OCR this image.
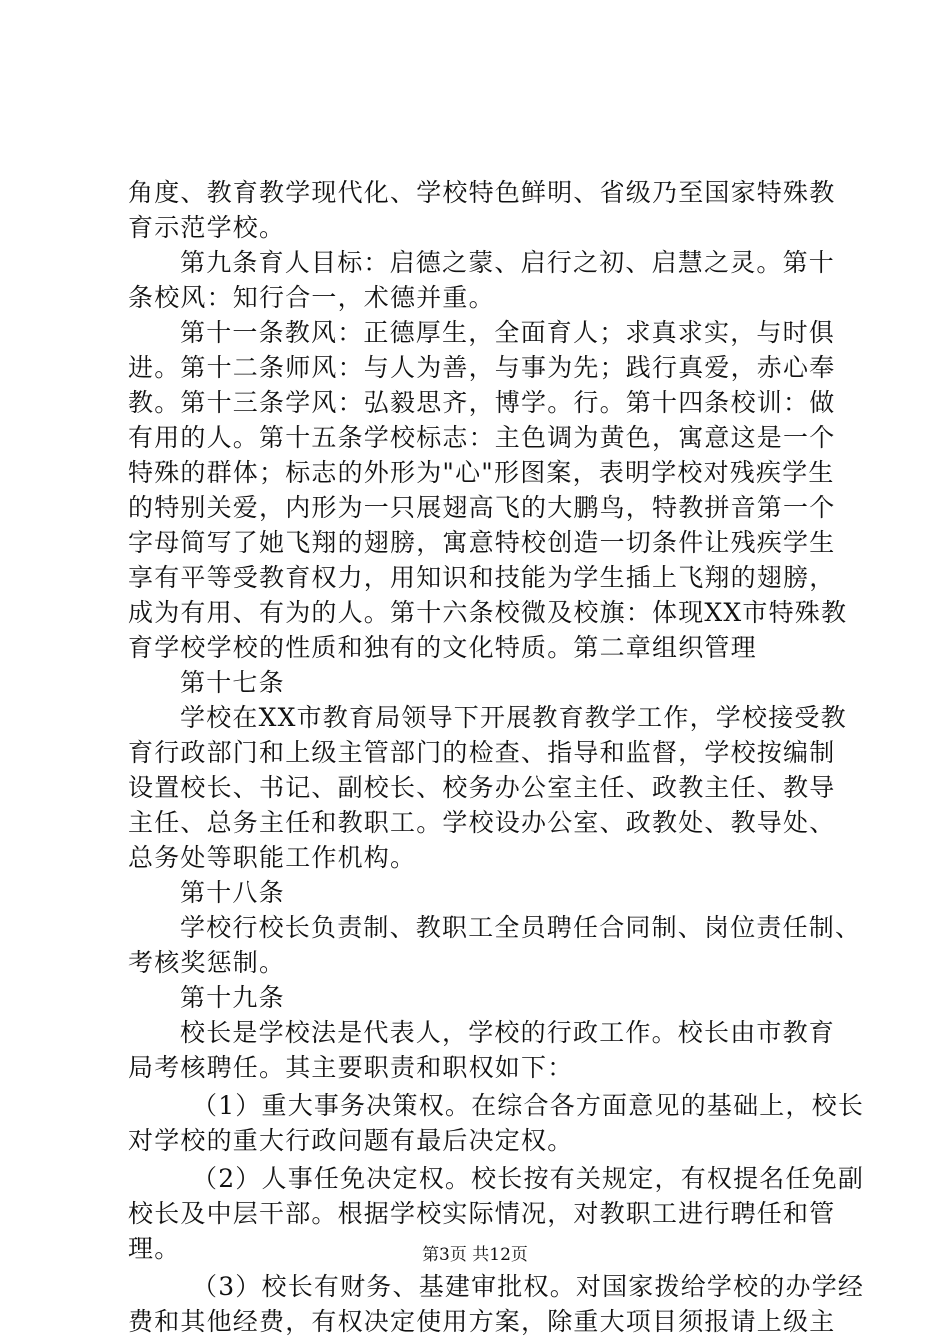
角度、教育教学现代化、学校特色鲜明、省级乃至国家特殊教
育示范学校。
第九条育人目标：启德之蒙、启行之初、启慧之灵。第十
条校风：知行合一，术德并重。
第十一条教风：正德厚生，全面育人；求真求实，与时俱
进。第十二条师风：与人为善，与事为先；践行真爱，赤心奉
教。第十三条学风：弘毅思齐，博学。行。第十四条校训：做
有用的人。第十五条学校标志：主色调为黄色，寓意这是一个
特殊的群体；标志的外形为"心"形图案，表明学校对残疾学生
的特别关爱，内形为一只展翅高飞的大鹏鸟，特教拼音第一个
字母简写了她飞翔的翅膀，寓意特校创造一切条件让残疾学生
享有平等受教育权力，用知识和技能为学生插上飞翔的翅膀，
成为有用、有为的人。第十六条校微及校旗：体现XX市特殊教
育学校学校的性质和独有的文化特质。第二章组织管理
第十七条
学校在XX市教育局领导下开展教育教学工作，学校接受教
育行政部门和上级主管部门的检查、指导和监督，学校按编制
设置校长、书记、副校长、校务办公室主任、政教主任、教导
主任、总务主任和教职工。学校设办公室、政教处、教导处、
总务处等职能工作机构。
第十八条
学校行校长负责制、教职工全员聘任合同制、岗位责任制、
考核奖惩制。
第十九条
校长是学校法是代表人，学校的行政工作。校长由市教育
局考核聘任。其主要职责和职权如下：
（1）重大事务决策权。在综合各方面意见的基础上，校长
对学校的重大行政问题有最后决定权。
（2）人事任免决定权。校长按有关规定，有权提名任免副
校长及中层干部。根据学校实际情况，对教职工进行聘任和管
理。
（3）校长有财务、基建审批权。对国家拨给学校的办学经
费和其他经费，有权决定使用方案，除重大项目须报请上级主
第3页 共12页
